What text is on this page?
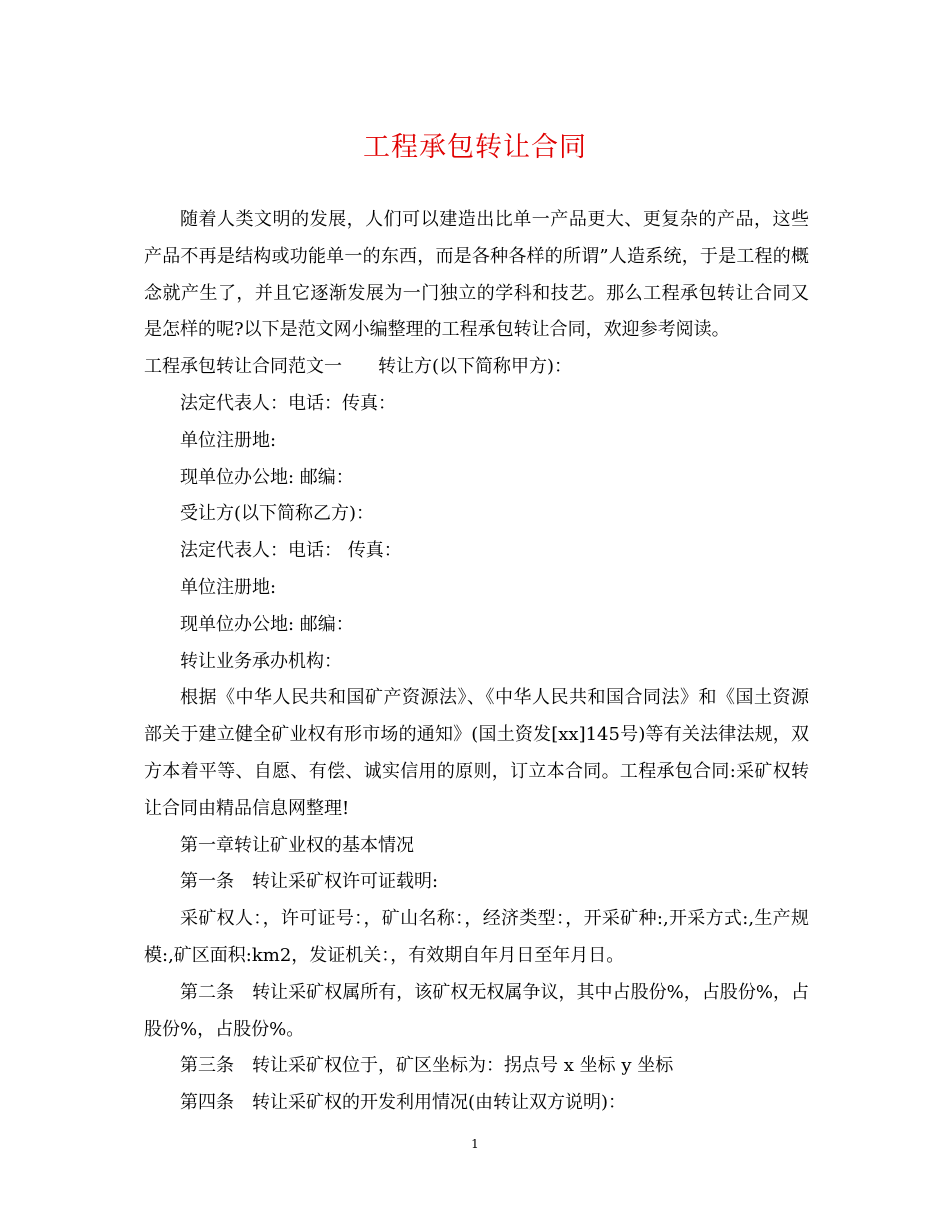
工程承包转让合同

随着人类文明的发展，人们可以建造出比单一产品更大、更复杂的产品，这些产品不再是结构或功能单一的东西，而是各种各样的所谓”人造系统，于是工程的概念就产生了，并且它逐渐发展为一门独立的学科和技艺。那么工程承包转让合同又是怎样的呢?以下是范文网小编整理的工程承包转让合同，欢迎参考阅读。

工程承包转让合同范文一 转让方(以下简称甲方)：

法定代表人：电话：传真：

单位注册地:

现单位办公地: 邮编：

受让方(以下简称乙方)：

法定代表人：电话： 传真：

单位注册地:

现单位办公地: 邮编：

转让业务承办机构：

根据《中华人民共和国矿产资源法》、《中华人民共和国合同法》和《国土资源部关于建立健全矿业权有形市场的通知》(国土资发[xx]145号)等有关法律法规，双方本着平等、自愿、有偿、诚实信用的原则，订立本合同。工程承包合同:采矿权转让合同由精品信息网整理!

第一章转让矿业权的基本情况

第一条 转让采矿权许可证载明:

采矿权人：，许可证号：，矿山名称：，经济类型：，开采矿种:,开采方式:,生产规模:,矿区面积:km2，发证机关：，有效期自年月日至年月日。

第二条 转让采矿权属所有，该矿权无权属争议，其中占股份%，占股份%，占股份%，占股份%。

第三条 转让采矿权位于，矿区坐标为：拐点号 x 坐标 y 坐标

第四条 转让采矿权的开发利用情况(由转让双方说明)：

1
